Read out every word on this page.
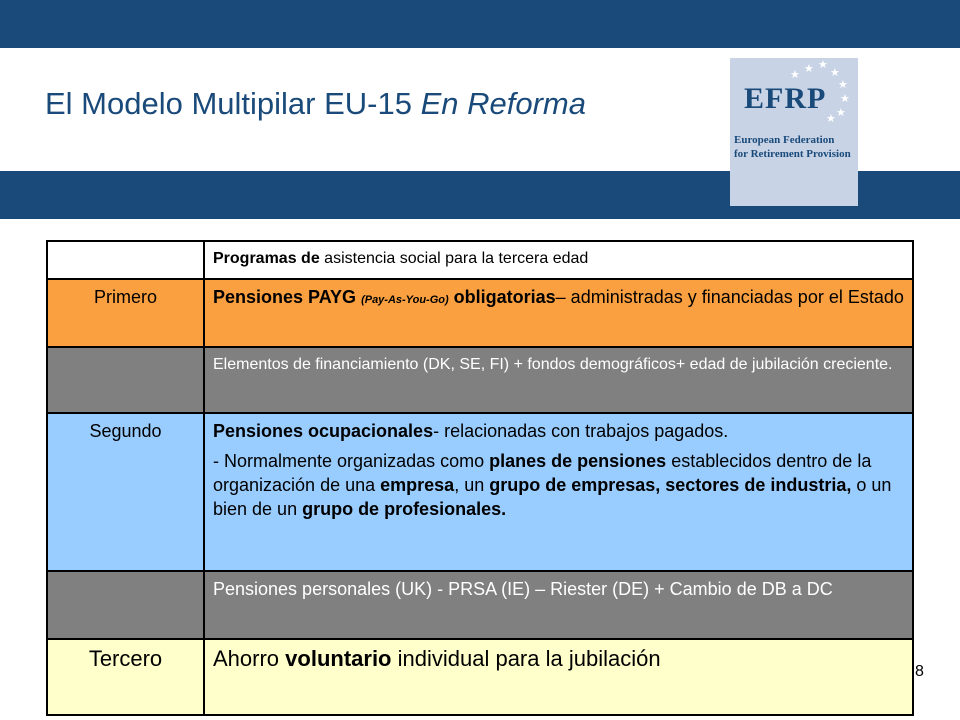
El Modelo Multipilar EU-15 En Reforma
★ ★
★
★
★
★
★
★
EFRP
European Federation
for Retirement Provision
	Programas de asistencia social para la tercera edad
Primero	Pensiones PAYG (Pay-As-You-Go) obligatorias– administradas y financiadas por el Estado
	Elementos de financiamiento (DK, SE, FI) + fondos demográficos+ edad de jubilación creciente.
Segundo	Pensiones ocupacionales- relacionadas con trabajos pagados.
- Normalmente organizadas como planes de pensiones establecidos dentro de la organización de una empresa, un grupo de empresas, sectores de industria, o un bien de un grupo de profesionales.

	Pensiones personales (UK) - PRSA (IE) – Riester (DE) + Cambio de DB a DC
Tercero	Ahorro voluntario individual para la jubilación
8
